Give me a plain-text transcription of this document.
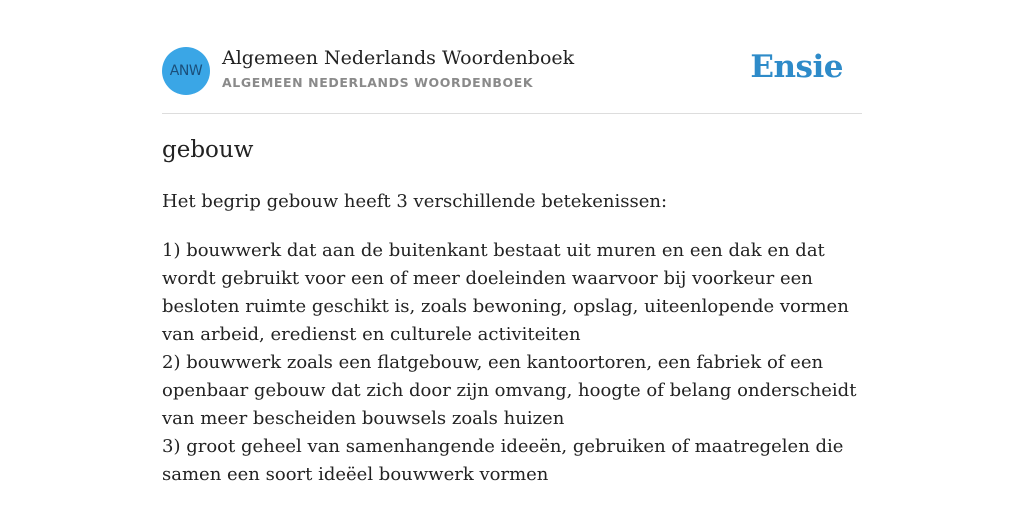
ANW
Algemeen Nederlands Woordenboek
ALGEMEEN NEDERLANDS WOORDENBOEK	Ensie
gebouw

Het begrip gebouw heeft 3 verschillende betekenissen:

1) bouwwerk dat aan de buitenkant bestaat uit muren en een dak en dat wordt gebruikt voor een of meer doeleinden waarvoor bij voorkeur een besloten ruimte geschikt is, zoals bewoning, opslag, uiteenlopende vormen van arbeid, eredienst en culturele activiteiten
2) bouwwerk zoals een flatgebouw, een kantoortoren, een fabriek of een openbaar gebouw dat zich door zijn omvang, hoogte of belang onderscheidt van meer bescheiden bouwsels zoals huizen
3) groot geheel van samenhangende ideeën, gebruiken of maatregelen die samen een soort ideëel bouwwerk vormen
